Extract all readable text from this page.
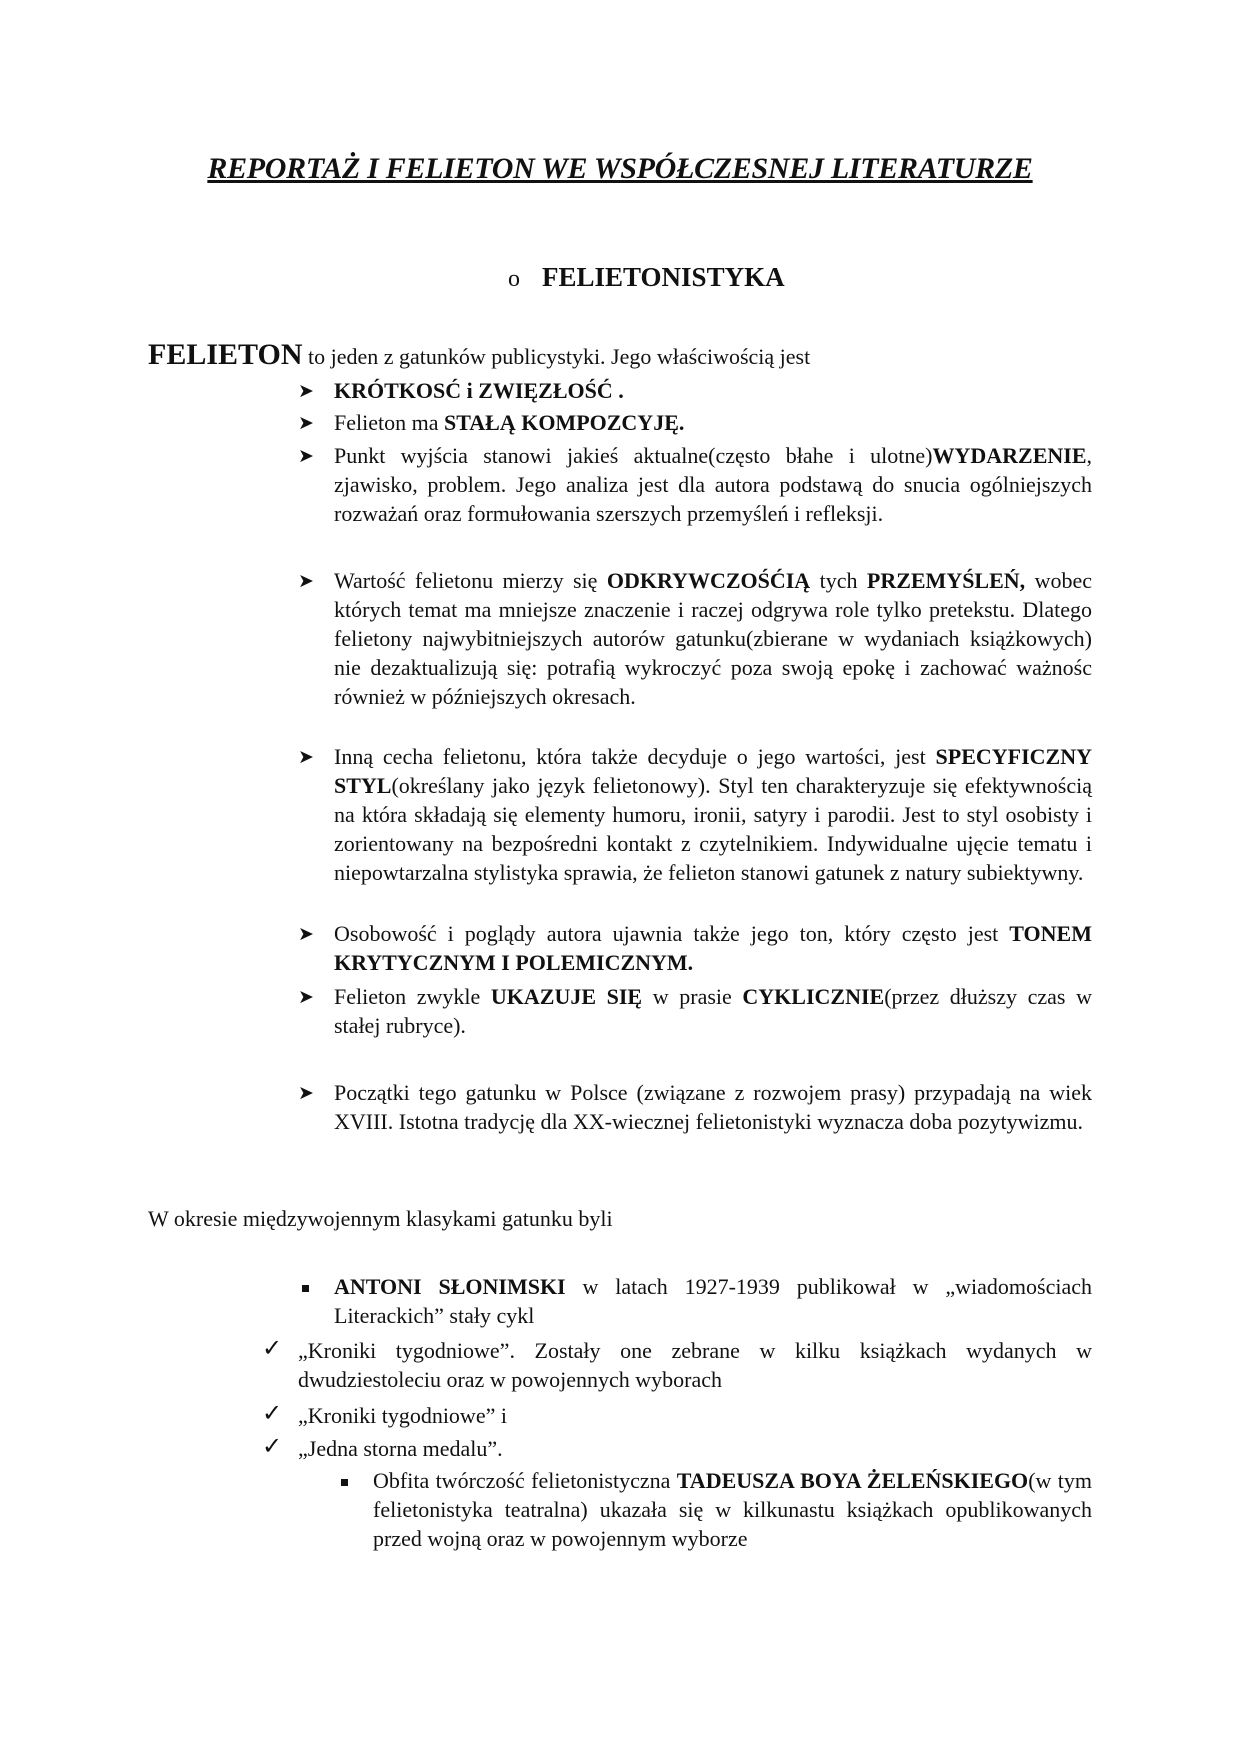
REPORTAŻ I FELIETON WE WSPÓŁCZESNEJ LITERATURZE
o FELIETONISTYKA
FELIETON to jeden z gatunków publicystyki. Jego właściwością jest
➤ KRÓTKOSĆ i ZWIĘZŁOŚĆ .
➤ Felieton ma STAŁĄ KOMPOZCYJĘ.
➤ Punkt wyjścia stanowi jakieś aktualne(często błahe i ulotne)WYDARZENIE, zjawisko, problem. Jego analiza jest dla autora podstawą do snucia ogólniejszych rozważań oraz formułowania szerszych przemyśleń i refleksji.
➤ Wartość felietonu mierzy się ODKRYWCZOŚĆIĄ tych PRZEMYŚLEŃ, wobec których temat ma mniejsze znaczenie i raczej odgrywa role tylko pretekstu. Dlatego felietony najwybitniejszych autorów gatunku(zbierane w wydaniach książkowych) nie dezaktualizują się: potrafią wykroczyć poza swoją epokę i zachować ważnośc również w późniejszych okresach.
➤ Inną cecha felietonu, która także decyduje o jego wartości, jest SPECYFICZNY STYL(określany jako język felietonowy). Styl ten charakteryzuje się efektywnością na która składają się elementy humoru, ironii, satyry i parodii. Jest to styl osobisty i zorientowany na bezpośredni kontakt z czytelnikiem. Indywidualne ujęcie tematu i niepowtarzalna stylistyka sprawia, że felieton stanowi gatunek z natury subiektywny.
➤ Osobowość i poglądy autora ujawnia także jego ton, który często jest TONEM KRYTYCZNYM I POLEMICZNYM.
➤ Felieton zwykle UKAZUJE SIĘ w prasie CYKLICZNIE(przez dłuższy czas w stałej rubryce).
➤ Początki tego gatunku w Polsce (związane z rozwojem prasy) przypadają na wiek XVIII. Istotna tradycję dla XX-wiecznej felietonistyki wyznacza doba pozytywizmu.
W okresie międzywojennym klasykami gatunku byli
ANTONI SŁONIMSKI w latach 1927-1939 publikował w „wiadomościach Literackich” stały cykl
✓ „Kroniki tygodniowe”. Zostały one zebrane w kilku książkach wydanych w dwudziestoleciu oraz w powojennych wyborach
✓ „Kroniki tygodniowe” i
✓ „Jedna storna medalu”.
Obfita twórczość felietonistyczna TADEUSZA BOYA ŻELEŃSKIEGO(w tym felietonistyka teatralna) ukazała się w kilkunastu książkach opublikowanych przed wojną oraz w powojennym wyborze
